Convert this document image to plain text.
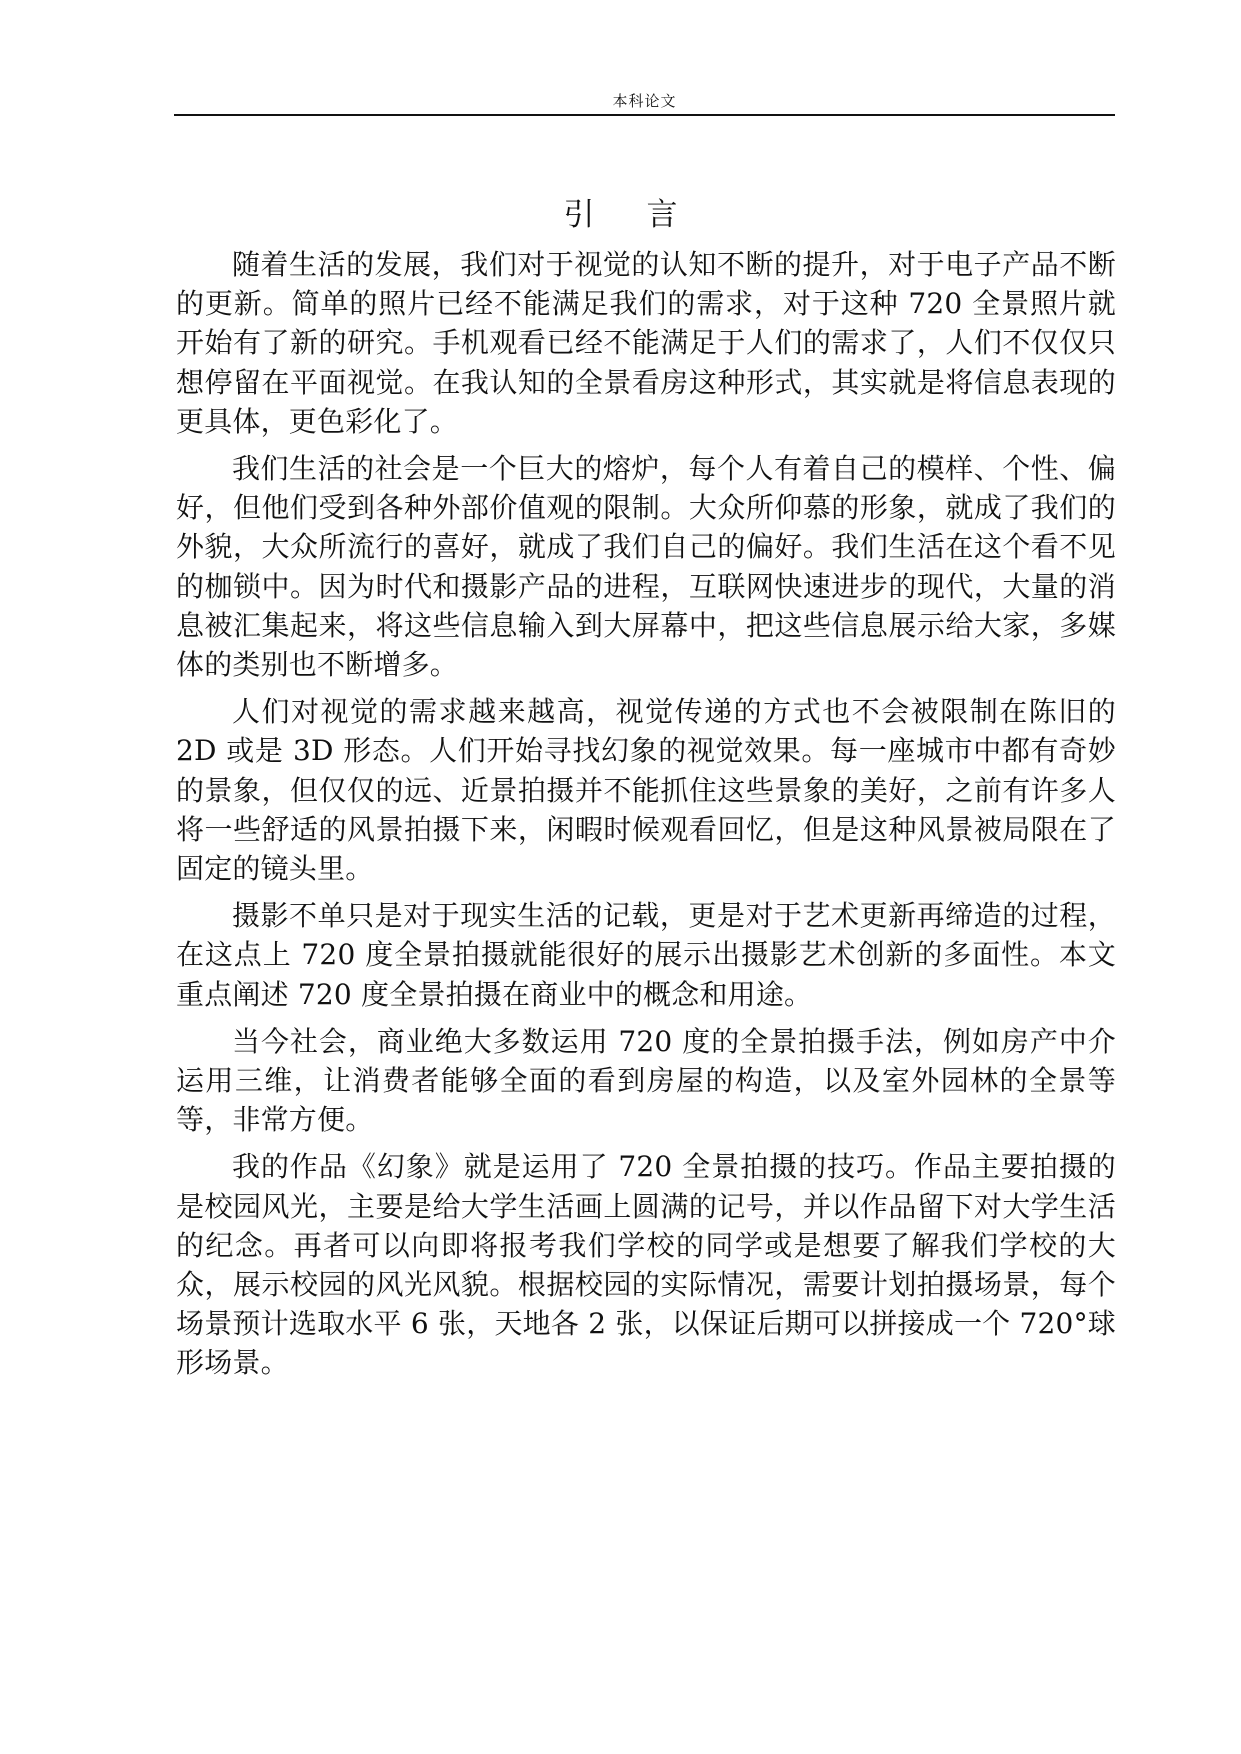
本科论文
引言

随着生活的发展，我们对于视觉的认知不断的提升，对于电子产品不断的更新。简单的照片已经不能满足我们的需求，对于这种 720 全景照片就开始有了新的研究。手机观看已经不能满足于人们的需求了，人们不仅仅只想停留在平面视觉。在我认知的全景看房这种形式，其实就是将信息表现的更具体，更色彩化了。

我们生活的社会是一个巨大的熔炉，每个人有着自己的模样、个性、偏好，但他们受到各种外部价值观的限制。大众所仰慕的形象，就成了我们的外貌，大众所流行的喜好，就成了我们自己的偏好。我们生活在这个看不见的枷锁中。因为时代和摄影产品的进程，互联网快速进步的现代，大量的消息被汇集起来，将这些信息输入到大屏幕中，把这些信息展示给大家，多媒体的类别也不断增多。

人们对视觉的需求越来越高，视觉传递的方式也不会被限制在陈旧的 2D 或是 3D 形态。人们开始寻找幻象的视觉效果。每一座城市中都有奇妙的景象，但仅仅的远、近景拍摄并不能抓住这些景象的美好，之前有许多人将一些舒适的风景拍摄下来，闲暇时候观看回忆，但是这种风景被局限在了固定的镜头里。

摄影不单只是对于现实生活的记载，更是对于艺术更新再缔造的过程，在这点上 720 度全景拍摄就能很好的展示出摄影艺术创新的多面性。本文重点阐述 720 度全景拍摄在商业中的概念和用途。

当今社会，商业绝大多数运用 720 度的全景拍摄手法，例如房产中介运用三维，让消费者能够全面的看到房屋的构造，以及室外园林的全景等等，非常方便。

我的作品《幻象》就是运用了 720 全景拍摄的技巧。作品主要拍摄的是校园风光，主要是给大学生活画上圆满的记号，并以作品留下对大学生活的纪念。再者可以向即将报考我们学校的同学或是想要了解我们学校的大众，展示校园的风光风貌。根据校园的实际情况，需要计划拍摄场景，每个场景预计选取水平 6 张，天地各 2 张，以保证后期可以拼接成一个 720°球形场景。
